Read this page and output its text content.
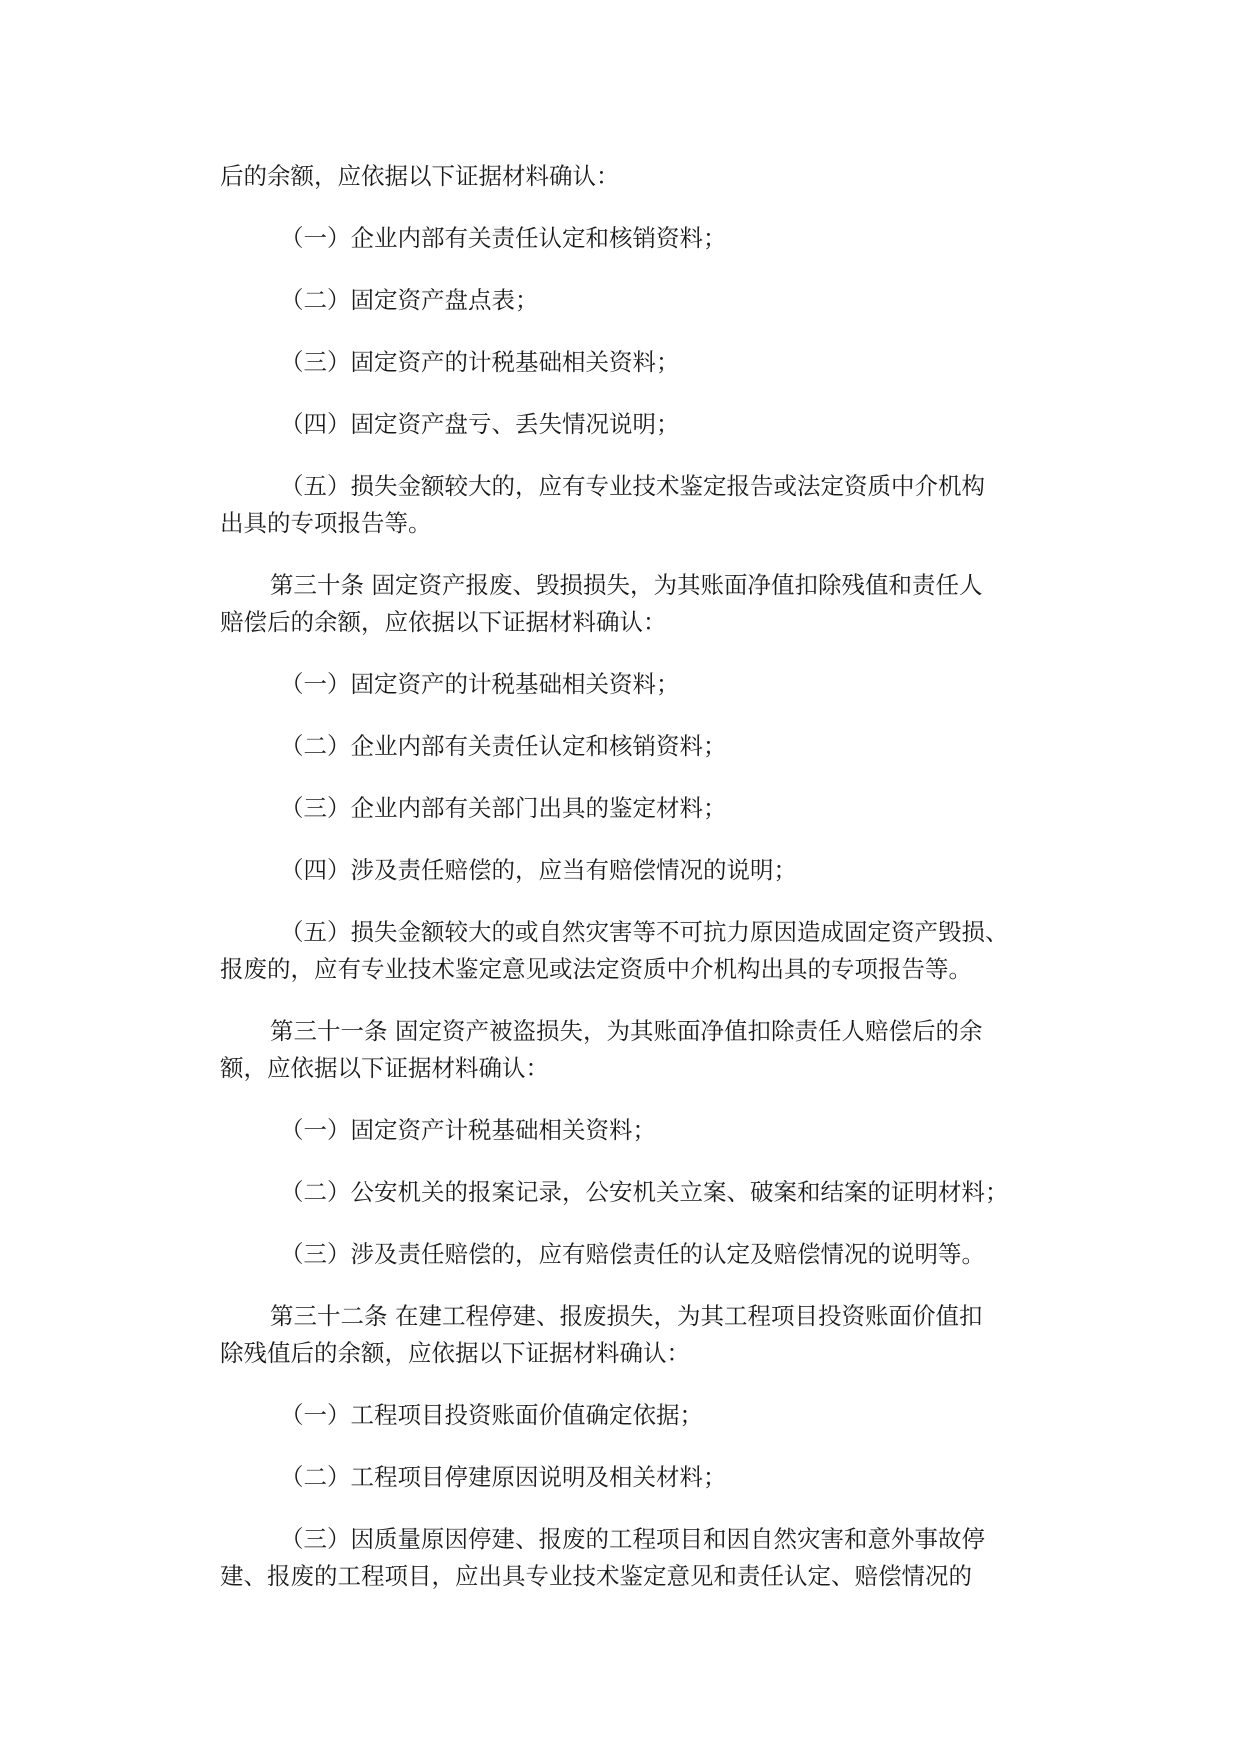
后的余额，应依据以下证据材料确认：

（一）企业内部有关责任认定和核销资料；

（二）固定资产盘点表；

（三）固定资产的计税基础相关资料；

（四）固定资产盘亏、丢失情况说明；

（五）损失金额较大的，应有专业技术鉴定报告或法定资质中介机构

出具的专项报告等。

第三十条 固定资产报废、毁损损失，为其账面净值扣除残值和责任人

赔偿后的余额，应依据以下证据材料确认：

（一）固定资产的计税基础相关资料；

（二）企业内部有关责任认定和核销资料；

（三）企业内部有关部门出具的鉴定材料；

（四）涉及责任赔偿的，应当有赔偿情况的说明；

（五）损失金额较大的或自然灾害等不可抗力原因造成固定资产毁损、

报废的，应有专业技术鉴定意见或法定资质中介机构出具的专项报告等。

第三十一条 固定资产被盗损失，为其账面净值扣除责任人赔偿后的余

额，应依据以下证据材料确认：

（一）固定资产计税基础相关资料；

（二）公安机关的报案记录，公安机关立案、破案和结案的证明材料；

（三）涉及责任赔偿的，应有赔偿责任的认定及赔偿情况的说明等。

第三十二条 在建工程停建、报废损失，为其工程项目投资账面价值扣

除残值后的余额，应依据以下证据材料确认：

（一）工程项目投资账面价值确定依据；

（二）工程项目停建原因说明及相关材料；

（三）因质量原因停建、报废的工程项目和因自然灾害和意外事故停

建、报废的工程项目，应出具专业技术鉴定意见和责任认定、赔偿情况的
